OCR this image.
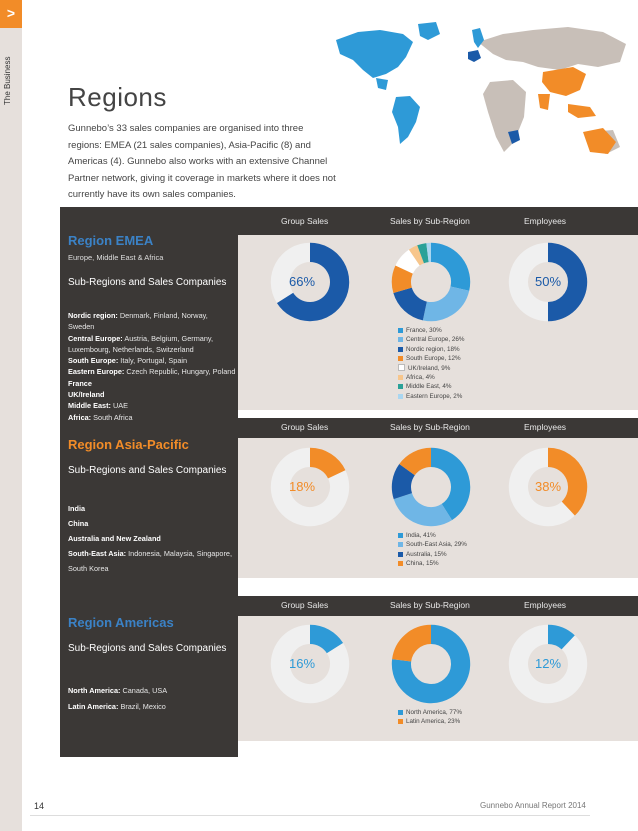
>
The Business Regions
Gunnebo’s 33 sales companies are organised into three regions: EMEA (21 sales companies), Asia-Pacific (8) and Americas (4). Gunnebo also works with an extensive Channel Partner network, giving it coverage in markets where it does not currently have its own sales companies.
Group Sales	Sales by Sub-Region	Employees
Region EMEA
Europe, Middle East & Africa
Sub-Regions and Sales Companies
Nordic region: Denmark, Finland, Norway, Sweden
Central Europe: Austria, Belgium, Germany, Luxembourg, Netherlands, Switzerland
South Europe: Italy, Portugal, Spain
Eastern Europe: Czech Republic, Hungary, Poland
France
UK/Ireland
Middle East: UAE
Africa: South Africa
Group Sales	Sales by Sub-Region	Employees
Region Asia-Pacific
Sub-Regions and Sales Companies
India
China
Australia and New Zealand
South-East Asia: Indonesia, Malaysia, Singapore, South Korea
Group Sales	Sales by Sub-Region	Employees
Region Americas
Sub-Regions and Sales Companies
North America: Canada, USA
Latin America: Brazil, Mexico
66%	50%
France, 30%
Central Europe, 26%
Nordic region, 18%
South Europe, 12%
UK/Ireland, 9%
Africa, 4%
Middle East, 4%
Eastern Europe, 2%
18%	38%
India, 41%
South-East Asia, 29%
Australia, 15%
China, 15%
16%	12%
North America, 77%
Latin America, 23%
14	Gunnebo Annual Report 2014
